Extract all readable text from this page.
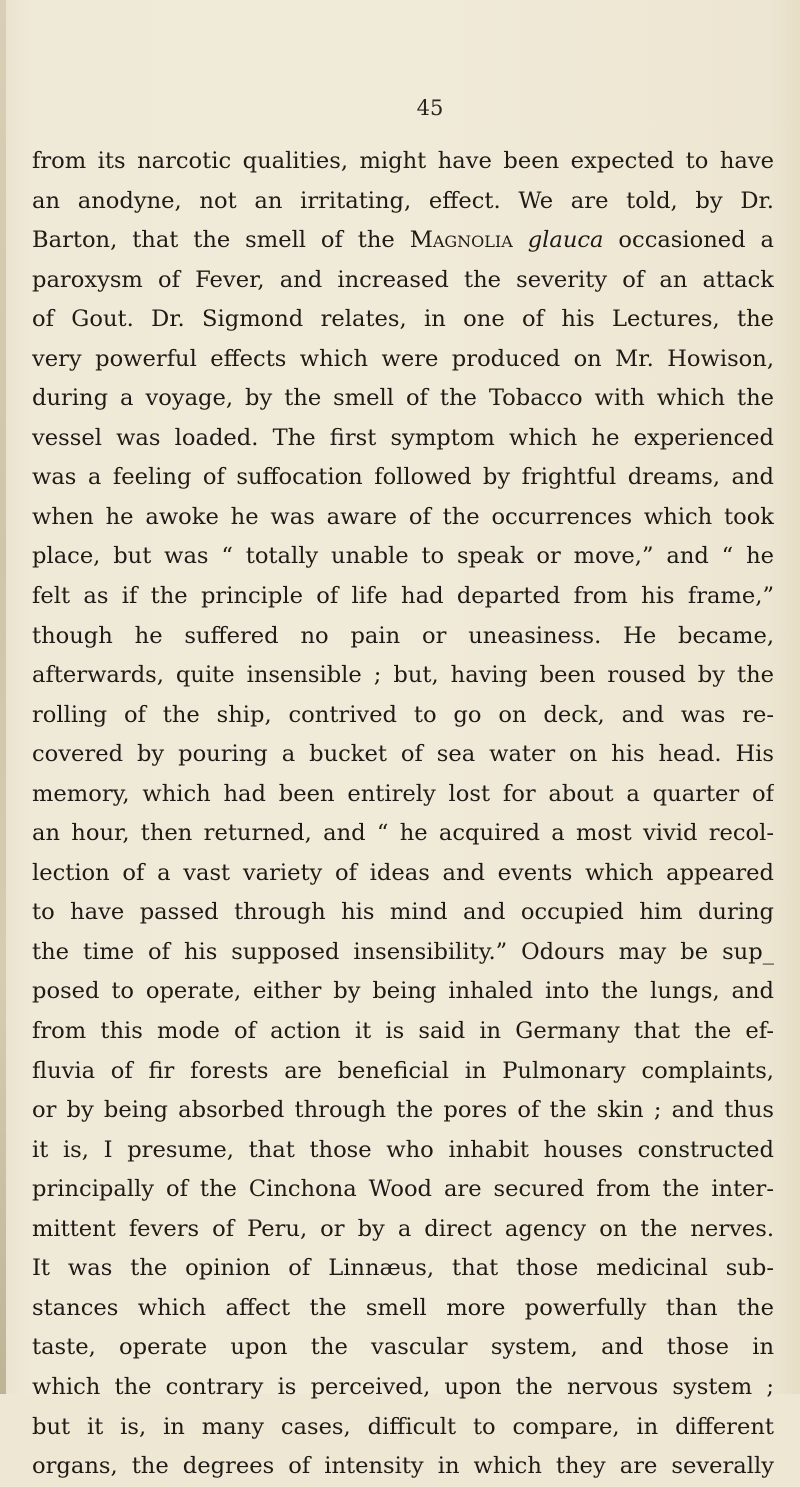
45
from its narcotic qualities, might have been expected to have
an anodyne, not an irritating, effect. We are told, by Dr.
Barton, that the smell of the Magnolia glauca occasioned a
paroxysm of Fever, and increased the severity of an attack
of Gout. Dr. Sigmond relates, in one of his Lectures, the
very powerful effects which were produced on Mr. Howison,
during a voyage, by the smell of the Tobacco with which the
vessel was loaded. The first symptom which he experienced
was a feeling of suffocation followed by frightful dreams, and
when he awoke he was aware of the occurrences which took
place, but was “ totally unable to speak or move,” and “ he
felt as if the principle of life had departed from his frame,”
though he suffered no pain or uneasiness. He became,
afterwards, quite insensible ; but, having been roused by the
rolling of the ship, contrived to go on deck, and was re-
covered by pouring a bucket of sea water on his head. His
memory, which had been entirely lost for about a quarter of
an hour, then returned, and “ he acquired a most vivid recol-
lection of a vast variety of ideas and events which appeared
to have passed through his mind and occupied him during
the time of his supposed insensibility.” Odours may be sup_
posed to operate, either by being inhaled into the lungs, and
from this mode of action it is said in Germany that the ef-
fluvia of fir forests are beneficial in Pulmonary complaints,
or by being absorbed through the pores of the skin ; and thus
it is, I presume, that those who inhabit houses constructed
principally of the Cinchona Wood are secured from the inter-
mittent fevers of Peru, or by a direct agency on the nerves.
It was the opinion of Linnæus, that those medicinal sub-
stances which affect the smell more powerfully than the
taste, operate upon the vascular system, and those in
which the contrary is perceived, upon the nervous system ;
but it is, in many cases, difficult to compare, in different
organs, the degrees of intensity in which they are severally
